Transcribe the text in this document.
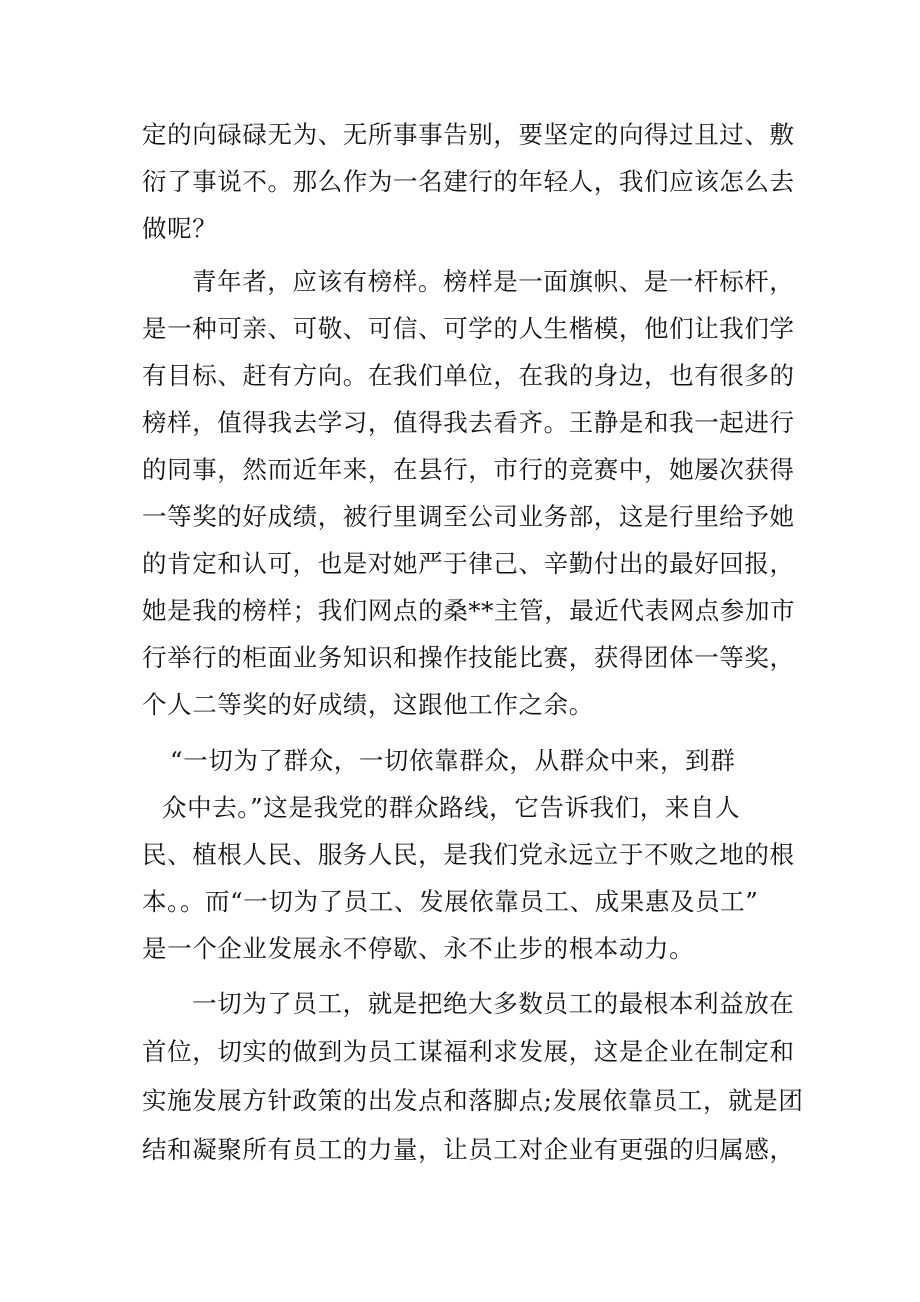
定的向碌碌无为、无所事事告别，要坚定的向得过且过、敷
衍了事说不。那么作为一名建行的年轻人，我们应该怎么去
做呢？
青年者，应该有榜样。榜样是一面旗帜、是一杆标杆，
是一种可亲、可敬、可信、可学的人生楷模，他们让我们学
有目标、赶有方向。在我们单位，在我的身边，也有很多的
榜样，值得我去学习，值得我去看齐。王静是和我一起进行
的同事，然而近年来，在县行，市行的竞赛中，她屡次获得
一等奖的好成绩，被行里调至公司业务部，这是行里给予她
的肯定和认可，也是对她严于律己、辛勤付出的最好回报，
她是我的榜样；我们网点的桑**主管，最近代表网点参加市
行举行的柜面业务知识和操作技能比赛，获得团体一等奖，
个人二等奖的好成绩，这跟他工作之余。
“一切为了群众，一切依靠群众，从群众中来，到群
众中去。”这是我党的群众路线，它告诉我们，来自人
民、植根人民、服务人民，是我们党永远立于不败之地的根
本。。而“一切为了员工、发展依靠员工、成果惠及员工”
是一个企业发展永不停歇、永不止步的根本动力。
一切为了员工，就是把绝大多数员工的最根本利益放在
首位，切实的做到为员工谋福利求发展，这是企业在制定和
实施发展方针政策的出发点和落脚点;发展依靠员工，就是团
结和凝聚所有员工的力量，让员工对企业有更强的归属感，
